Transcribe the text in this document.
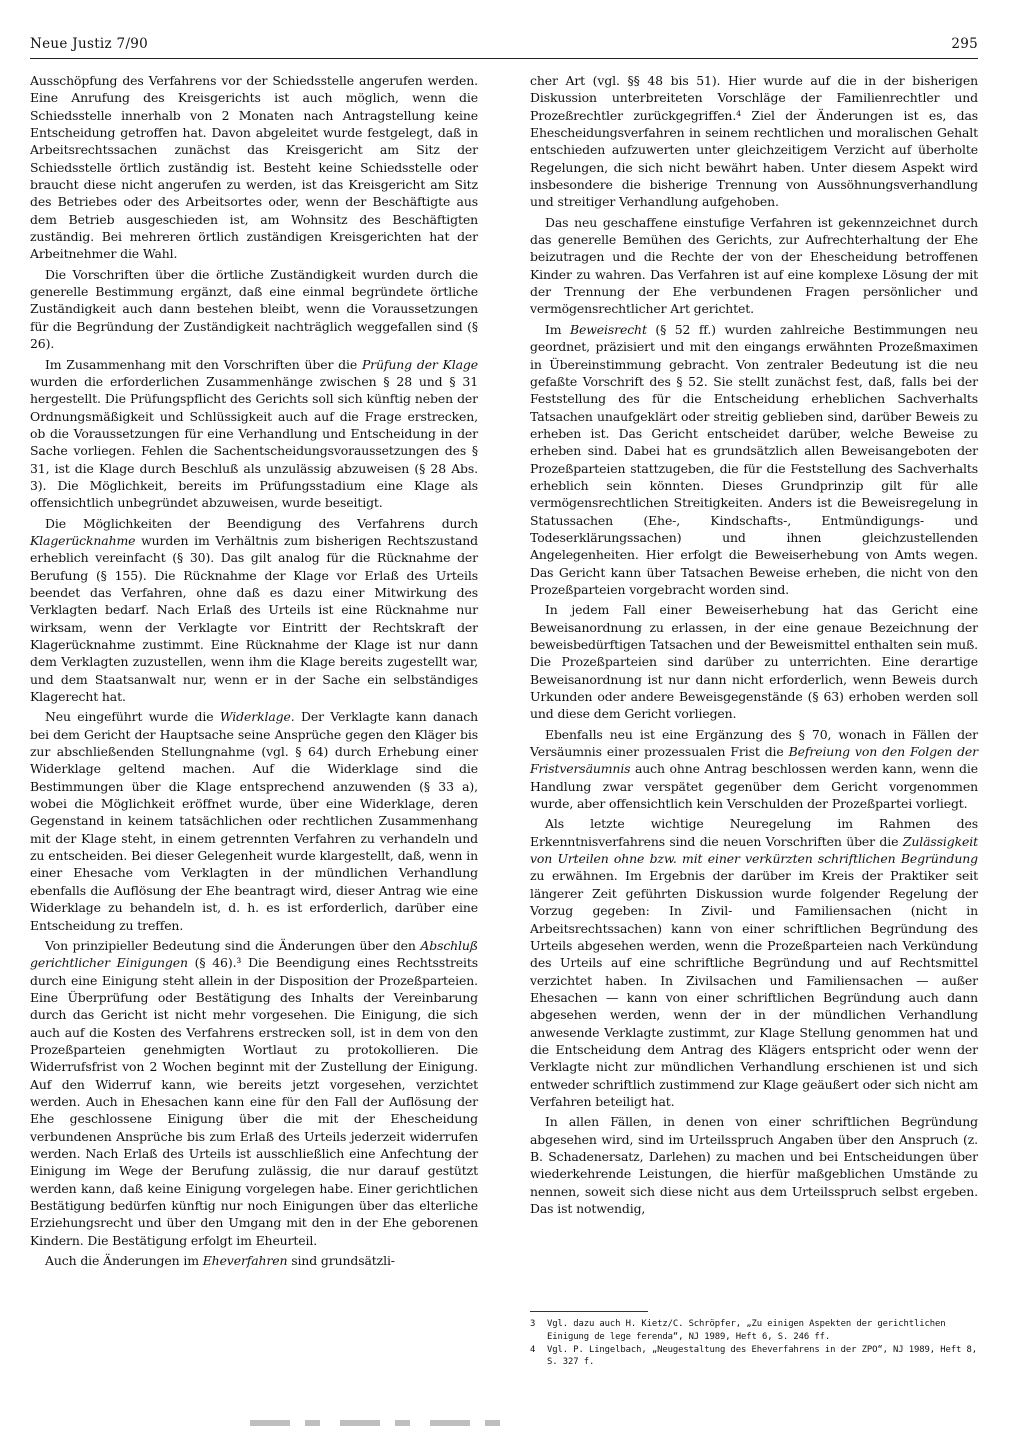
Neue Justiz 7/90	295

Ausschöpfung des Verfahrens vor der Schiedsstelle angerufen werden. Eine Anrufung des Kreisgerichts ist auch möglich, wenn die Schiedsstelle innerhalb von 2 Monaten nach Antragstellung keine Entscheidung getroffen hat. Davon abgeleitet wurde festgelegt, daß in Arbeitsrechtssachen zunächst das Kreisgericht am Sitz der Schiedsstelle örtlich zuständig ist. Besteht keine Schiedsstelle oder braucht diese nicht angerufen zu werden, ist das Kreisgericht am Sitz des Betriebes oder des Arbeitsortes oder, wenn der Beschäftigte aus dem Betrieb ausgeschieden ist, am Wohnsitz des Beschäftigten zuständig. Bei mehreren örtlich zuständigen Kreisgerichten hat der Arbeitnehmer die Wahl.

Die Vorschriften über die örtliche Zuständigkeit wurden durch die generelle Bestimmung ergänzt, daß eine einmal begründete örtliche Zuständigkeit auch dann bestehen bleibt, wenn die Voraussetzungen für die Begründung der Zuständigkeit nachträglich weggefallen sind (§ 26).

Im Zusammenhang mit den Vorschriften über die Prüfung der Klage wurden die erforderlichen Zusammenhänge zwischen § 28 und § 31 hergestellt. Die Prüfungspflicht des Gerichts soll sich künftig neben der Ordnungsmäßigkeit und Schlüssigkeit auch auf die Frage erstrecken, ob die Voraussetzungen für eine Verhandlung und Entscheidung in der Sache vorliegen. Fehlen die Sachentscheidungsvoraussetzungen des § 31, ist die Klage durch Beschluß als unzulässig abzuweisen (§ 28 Abs. 3). Die Möglichkeit, bereits im Prüfungsstadium eine Klage als offensichtlich unbegründet abzuweisen, wurde beseitigt.

Die Möglichkeiten der Beendigung des Verfahrens durch Klagerücknahme wurden im Verhältnis zum bisherigen Rechtszustand erheblich vereinfacht (§ 30). Das gilt analog für die Rücknahme der Berufung (§ 155). Die Rücknahme der Klage vor Erlaß des Urteils beendet das Verfahren, ohne daß es dazu einer Mitwirkung des Verklagten bedarf. Nach Erlaß des Urteils ist eine Rücknahme nur wirksam, wenn der Verklagte vor Eintritt der Rechtskraft der Klagerücknahme zustimmt. Eine Rücknahme der Klage ist nur dann dem Verklagten zuzustellen, wenn ihm die Klage bereits zugestellt war, und dem Staatsanwalt nur, wenn er in der Sache ein selbständiges Klagerecht hat.

Neu eingeführt wurde die Widerklage. Der Verklagte kann danach bei dem Gericht der Hauptsache seine Ansprüche gegen den Kläger bis zur abschließenden Stellungnahme (vgl. § 64) durch Erhebung einer Widerklage geltend machen. Auf die Widerklage sind die Bestimmungen über die Klage entsprechend anzuwenden (§ 33 a), wobei die Möglichkeit eröffnet wurde, über eine Widerklage, deren Gegenstand in keinem tatsächlichen oder rechtlichen Zusammenhang mit der Klage steht, in einem getrennten Verfahren zu verhandeln und zu entscheiden. Bei dieser Gelegenheit wurde klargestellt, daß, wenn in einer Ehesache vom Verklagten in der mündlichen Verhandlung ebenfalls die Auflösung der Ehe beantragt wird, dieser Antrag wie eine Widerklage zu behandeln ist, d. h. es ist erforderlich, darüber eine Entscheidung zu treffen.

Von prinzipieller Bedeutung sind die Änderungen über den Abschluß gerichtlicher Einigungen (§ 46).³ Die Beendigung eines Rechtsstreits durch eine Einigung steht allein in der Disposition der Prozeßparteien. Eine Überprüfung oder Bestätigung des Inhalts der Vereinbarung durch das Gericht ist nicht mehr vorgesehen. Die Einigung, die sich auch auf die Kosten des Verfahrens erstrecken soll, ist in dem von den Prozeßparteien genehmigten Wortlaut zu protokollieren. Die Widerrufsfrist von 2 Wochen beginnt mit der Zustellung der Einigung. Auf den Widerruf kann, wie bereits jetzt vorgesehen, verzichtet werden. Auch in Ehesachen kann eine für den Fall der Auflösung der Ehe geschlossene Einigung über die mit der Ehescheidung verbundenen Ansprüche bis zum Erlaß des Urteils jederzeit widerrufen werden. Nach Erlaß des Urteils ist ausschließlich eine Anfechtung der Einigung im Wege der Berufung zulässig, die nur darauf gestützt werden kann, daß keine Einigung vorgelegen habe. Einer gerichtlichen Bestätigung bedürfen künftig nur noch Einigungen über das elterliche Erziehungsrecht und über den Umgang mit den in der Ehe geborenen Kindern. Die Bestätigung erfolgt im Eheurteil.

Auch die Änderungen im Eheverfahren sind grundsätzli-

cher Art (vgl. §§ 48 bis 51). Hier wurde auf die in der bisherigen Diskussion unterbreiteten Vorschläge der Familienrechtler und Prozeßrechtler zurückgegriffen.⁴ Ziel der Änderungen ist es, das Ehescheidungsverfahren in seinem rechtlichen und moralischen Gehalt entschieden aufzuwerten unter gleichzeitigem Verzicht auf überholte Regelungen, die sich nicht bewährt haben. Unter diesem Aspekt wird insbesondere die bisherige Trennung von Aussöhnungsverhandlung und streitiger Verhandlung aufgehoben.

Das neu geschaffene einstufige Verfahren ist gekennzeichnet durch das generelle Bemühen des Gerichts, zur Aufrechterhaltung der Ehe beizutragen und die Rechte der von der Ehescheidung betroffenen Kinder zu wahren. Das Verfahren ist auf eine komplexe Lösung der mit der Trennung der Ehe verbundenen Fragen persönlicher und vermögensrechtlicher Art gerichtet.

Im Beweisrecht (§ 52 ff.) wurden zahlreiche Bestimmungen neu geordnet, präzisiert und mit den eingangs erwähnten Prozeßmaximen in Übereinstimmung gebracht. Von zentraler Bedeutung ist die neu gefaßte Vorschrift des § 52. Sie stellt zunächst fest, daß, falls bei der Feststellung des für die Entscheidung erheblichen Sachverhalts Tatsachen unaufgeklärt oder streitig geblieben sind, darüber Beweis zu erheben ist. Das Gericht entscheidet darüber, welche Beweise zu erheben sind. Dabei hat es grundsätzlich allen Beweisangeboten der Prozeßparteien stattzugeben, die für die Feststellung des Sachverhalts erheblich sein könnten. Dieses Grundprinzip gilt für alle vermögensrechtlichen Streitigkeiten. Anders ist die Beweisregelung in Statussachen (Ehe-, Kindschafts-, Entmündigungs- und Todeserklärungssachen) und ihnen gleichzustellenden Angelegenheiten. Hier erfolgt die Beweiserhebung von Amts wegen. Das Gericht kann über Tatsachen Beweise erheben, die nicht von den Prozeßparteien vorgebracht worden sind.

In jedem Fall einer Beweiserhebung hat das Gericht eine Beweisanordnung zu erlassen, in der eine genaue Bezeichnung der beweisbedürftigen Tatsachen und der Beweismittel enthalten sein muß. Die Prozeßparteien sind darüber zu unterrichten. Eine derartige Beweisanordnung ist nur dann nicht erforderlich, wenn Beweis durch Urkunden oder andere Beweisgegenstände (§ 63) erhoben werden soll und diese dem Gericht vorliegen.

Ebenfalls neu ist eine Ergänzung des § 70, wonach in Fällen der Versäumnis einer prozessualen Frist die Befreiung von den Folgen der Fristversäumnis auch ohne Antrag beschlossen werden kann, wenn die Handlung zwar verspätet gegenüber dem Gericht vorgenommen wurde, aber offensichtlich kein Verschulden der Prozeßpartei vorliegt.

Als letzte wichtige Neuregelung im Rahmen des Erkenntnisverfahrens sind die neuen Vorschriften über die Zulässigkeit von Urteilen ohne bzw. mit einer verkürzten schriftlichen Begründung zu erwähnen. Im Ergebnis der darüber im Kreis der Praktiker seit längerer Zeit geführten Diskussion wurde folgender Regelung der Vorzug gegeben: In Zivil- und Familiensachen (nicht in Arbeitsrechtssachen) kann von einer schriftlichen Begründung des Urteils abgesehen werden, wenn die Prozeßparteien nach Verkündung des Urteils auf eine schriftliche Begründung und auf Rechtsmittel verzichtet haben. In Zivilsachen und Familiensachen — außer Ehesachen — kann von einer schriftlichen Begründung auch dann abgesehen werden, wenn der in der mündlichen Verhandlung anwesende Verklagte zustimmt, zur Klage Stellung genommen hat und die Entscheidung dem Antrag des Klägers entspricht oder wenn der Verklagte nicht zur mündlichen Verhandlung erschienen ist und sich entweder schriftlich zustimmend zur Klage geäußert oder sich nicht am Verfahren beteiligt hat.

In allen Fällen, in denen von einer schriftlichen Begründung abgesehen wird, sind im Urteilsspruch Angaben über den Anspruch (z. B. Schadenersatz, Darlehen) zu machen und bei Entscheidungen über wiederkehrende Leistungen, die hierfür maßgeblichen Umstände zu nennen, soweit sich diese nicht aus dem Urteilsspruch selbst ergeben. Das ist notwendig,

3	Vgl. dazu auch H. Kietz/C. Schröpfer, „Zu einigen Aspekten der gerichtlichen Einigung de lege ferenda“, NJ 1989, Heft 6, S. 246 ff.
4	Vgl. P. Lingelbach, „Neugestaltung des Eheverfahrens in der ZPO“, NJ 1989, Heft 8, S. 327 f.
